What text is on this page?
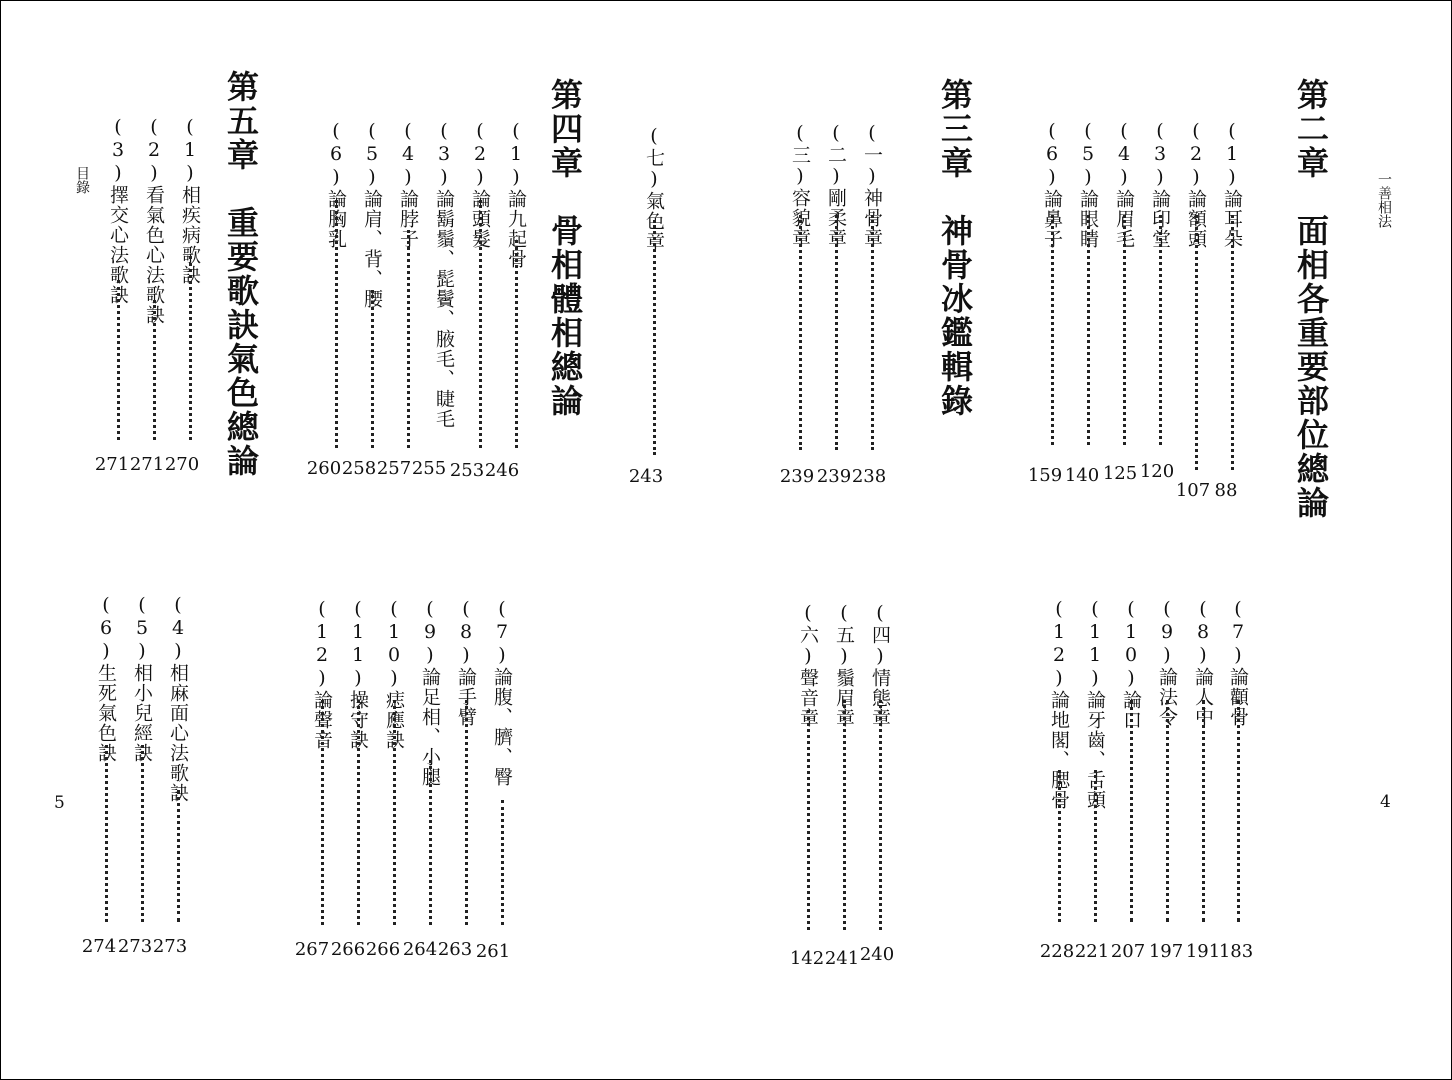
一善相法
4
目錄
5
第二章　面相各重要部位總論
第三章　神骨冰鑑輯錄
第四章　骨相體相總論
第五章　重要歌訣氣色總論	(1)論耳朵
88
(2)論額頭
107
(3)論印堂
120
(4)論眉毛
125
(5)論眼睛
140
(6)論鼻子
159
(7)論顴骨
183
(8)論人中
191
(9)論法令
197
(10)論口
207
(11)論牙齒、舌頭
221
(12)論地閣、腮骨
228
(一)神骨章
238
(二)剛柔章
239
(三)容貌章
239
(四)情態章
240
(五)鬚眉章
241
(六)聲音章
142
(七)氣色章
243
(1)論九起骨
246
(2)論頭髮
253
(3)論鬍鬚、髭鬢、腋毛、睫毛
255
(4)論脖子
257
(5)論肩、背、腰
258
(6)論胸乳
260
(7)論腹、臍、臀
261
(8)論手臂
263
(9)論足相、小腿
264
(10)痣應訣
266
(11)操守訣
266
(12)論聲音
267
(1)相疾病歌訣
270
(2)看氣色心法歌訣
271
(3)擇交心法歌訣
271
(4)相麻面心法歌訣
273
(5)相小兒經訣
273
(6)生死氣色訣
274
